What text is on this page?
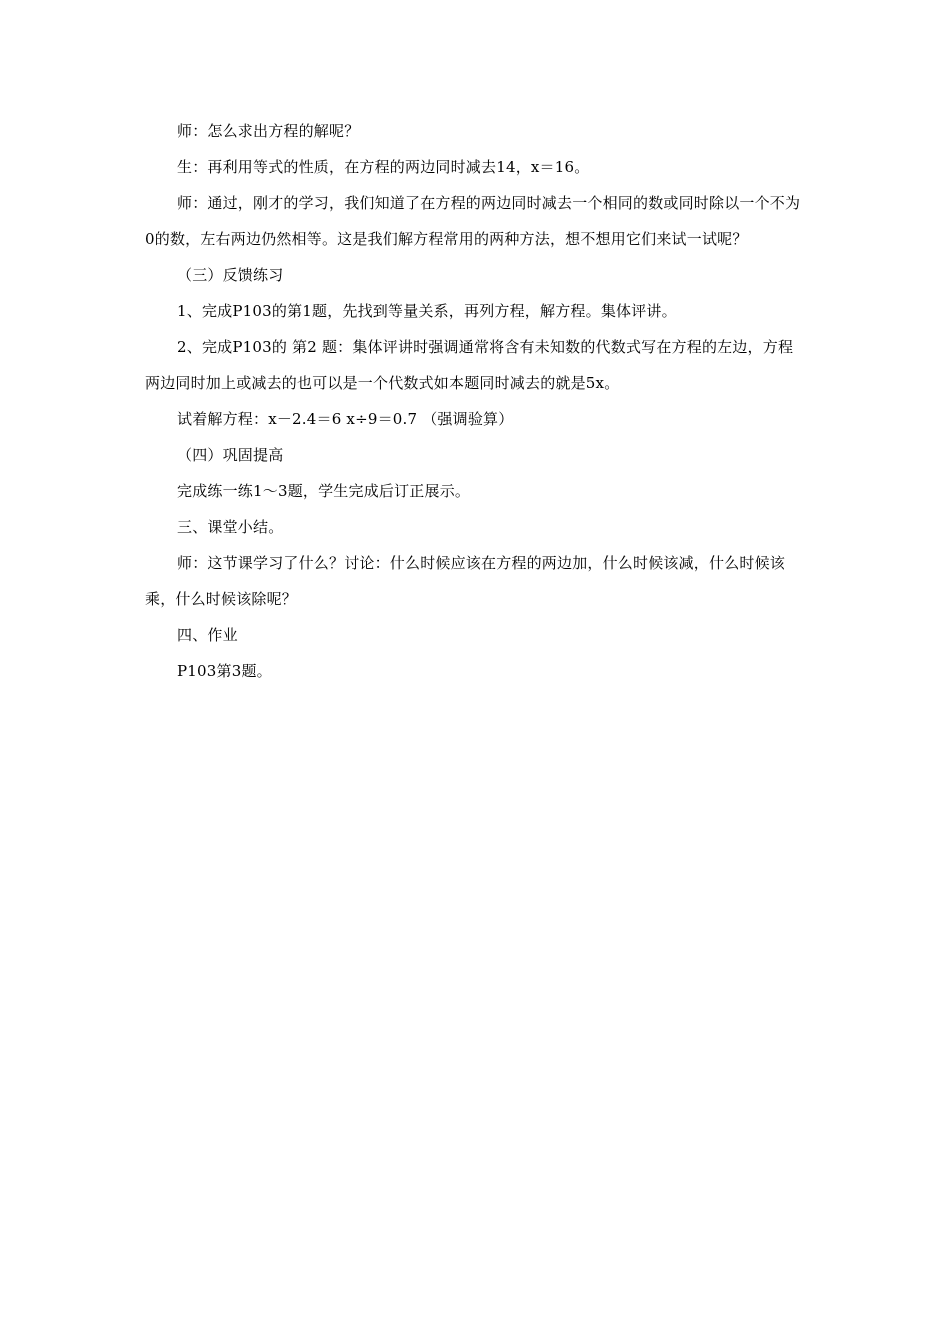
师：怎么求出方程的解呢？

生：再利用等式的性质，在方程的两边同时减去14，x＝16。

师：通过，刚才的学习，我们知道了在方程的两边同时减去一个相同的数或同时除以一个不为0的数，左右两边仍然相等。这是我们解方程常用的两种方法，想不想用它们来试一试呢？

（三）反馈练习

1、完成P103的第1题，先找到等量关系，再列方程，解方程。集体评讲。

2、完成P103的 第2 题：集体评讲时强调通常将含有未知数的代数式写在方程的左边，方程两边同时加上或减去的也可以是一个代数式如本题同时减去的就是5x。

试着解方程：x－2.4＝6 x÷9＝0.7 （强调验算）

（四）巩固提高

完成练一练1～3题，学生完成后订正展示。

三、课堂小结。

师：这节课学习了什么？讨论：什么时候应该在方程的两边加，什么时候该减，什么时候该乘，什么时候该除呢？

四、作业

P103第3题。
